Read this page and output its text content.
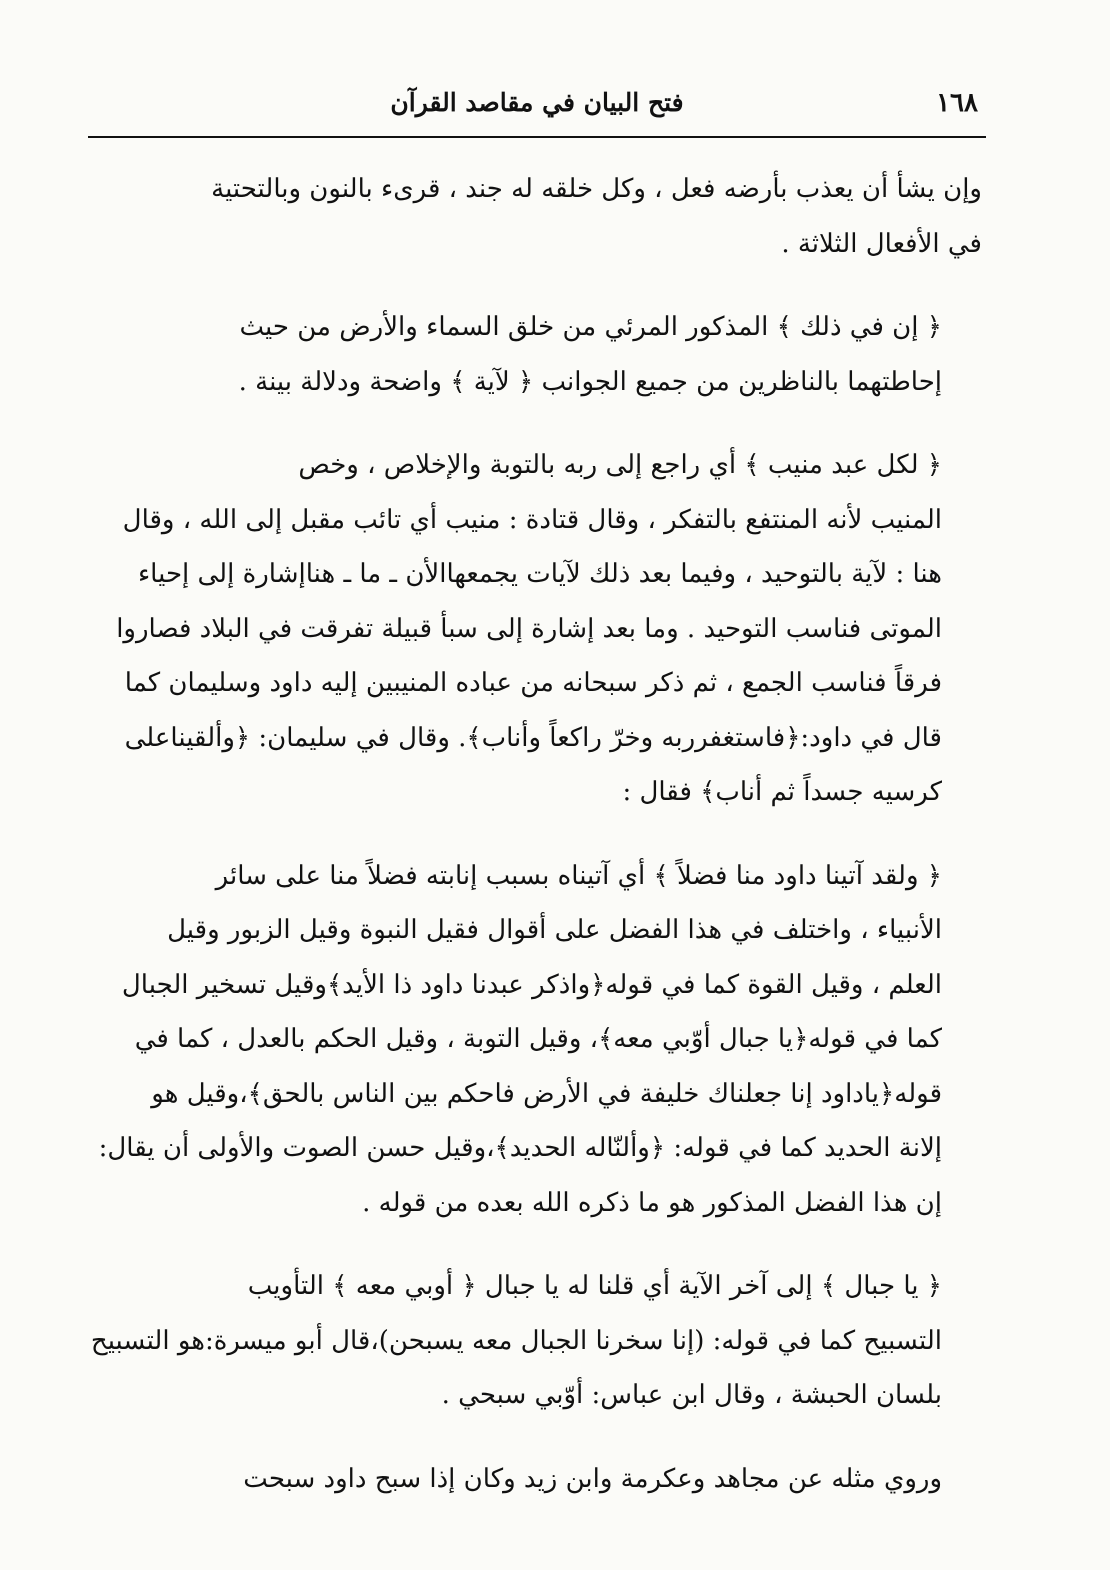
١٦٨
فتح البيان في مقاصد القرآن
وإن يشأ أن يعذب بأرضه فعل ، وكل خلقه له جند ، قرىء بالنون وبالتحتية
في الأفعال الثلاثة .
﴿ إن في ذلك ﴾ المذكور المرئي من خلق السماء والأرض من حيث
إحاطتهما بالناظرين من جميع الجوانب ﴿ لآية ﴾ واضحة ودلالة بينة .
﴿ لكل عبد منيب ﴾ أي راجع إلى ربه بالتوبة والإخلاص ، وخص
المنيب لأنه المنتفع بالتفكر ، وقال قتادة : منيب أي تائب مقبل إلى الله ، وقال
هنا : لآية بالتوحيد ، وفيما بعد ذلك لآيات يجمعهاالأن ـ ما ـ هناإشارة إلى إحياء
الموتى فناسب التوحيد . وما بعد إشارة إلى سبأ قبيلة تفرقت في البلاد فصاروا
فرقاً فناسب الجمع ، ثم ذكر سبحانه من عباده المنيبين إليه داود وسليمان كما
قال في داود:﴿فاستغفرربه وخرّ راكعاً وأناب﴾. وقال في سليمان: ﴿وألقيناعلى
كرسيه جسداً ثم أناب﴾ فقال :
﴿ ولقد آتينا داود منا فضلاً ﴾ أي آتيناه بسبب إنابته فضلاً منا على سائر
الأنبياء ، واختلف في هذا الفضل على أقوال فقيل النبوة وقيل الزبور وقيل
العلم ، وقيل القوة كما في قوله﴿واذكر عبدنا داود ذا الأيد﴾وقيل تسخير الجبال
كما في قوله﴿يا جبال أوّبي معه﴾، وقيل التوبة ، وقيل الحكم بالعدل ، كما في
قوله﴿ياداود إنا جعلناك خليفة في الأرض فاحكم بين الناس بالحق﴾،وقيل هو
إلانة الحديد كما في قوله: ﴿وألنّاله الحديد﴾،وقيل حسن الصوت والأولى أن يقال:
إن هذا الفضل المذكور هو ما ذكره الله بعده من قوله .
﴿ يا جبال ﴾ إلى آخر الآية أي قلنا له يا جبال ﴿ أوبي معه ﴾ التأويب
التسبيح كما في قوله: (إنا سخرنا الجبال معه يسبحن)،قال أبو ميسرة:هو التسبيح
بلسان الحبشة ، وقال ابن عباس: أوّبي سبحي .
وروي مثله عن مجاهد وعكرمة وابن زيد وكان إذا سبح داود سبحت
